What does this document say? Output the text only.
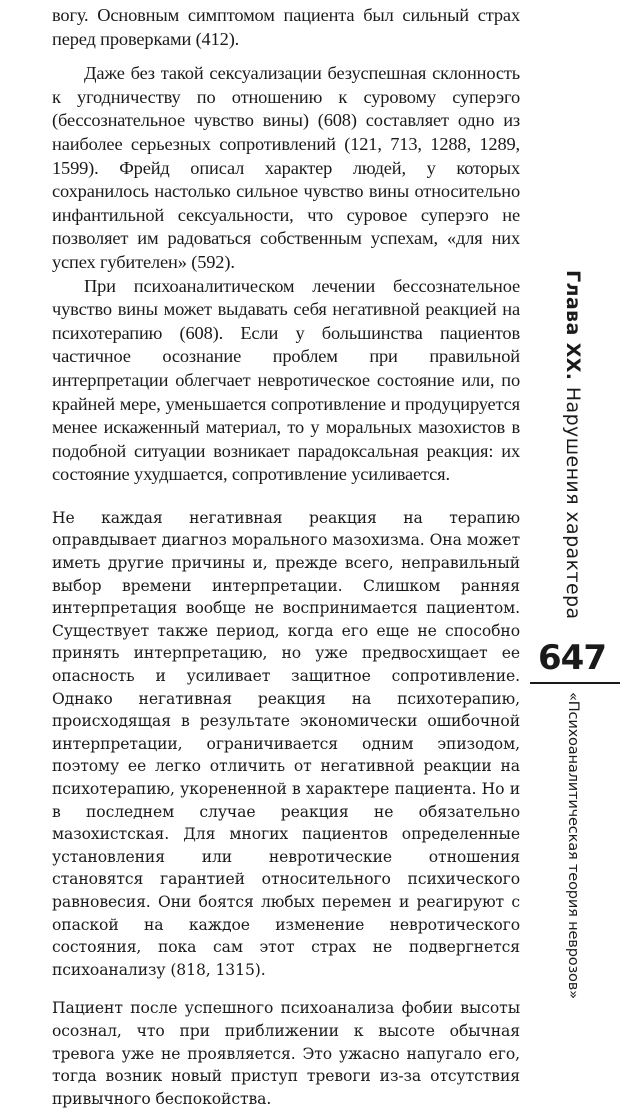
вогу. Основным симптомом пациента был сильный страх перед проверками (412).

Даже без такой сексуализации безуспешная склонность к угодничеству по отношению к суровому суперэго (бессознательное чувство вины) (608) составляет одно из наиболее серьезных сопротивлений (121, 713, 1288, 1289, 1599). Фрейд описал характер людей, у которых сохранилось настолько сильное чувство вины относительно инфантильной сексуальности, что суровое суперэго не позволяет им радоваться собственным успехам, «для них успех губителен» (592).

При психоаналитическом лечении бессознательное чувство вины может выдавать себя негативной реакцией на психотерапию (608). Если у большинства пациентов частичное осознание проблем при правильной интерпретации облегчает невротическое состояние или, по крайней мере, уменьшается сопротивление и продуцируется менее искаженный материал, то у моральных мазохистов в подобной ситуации возникает парадоксальная реакция: их состояние ухудшается, сопротивление усиливается.

Не каждая негативная реакция на терапию оправдывает диагноз морального мазохизма. Она может иметь другие причины и, прежде всего, неправильный выбор времени интерпретации. Слишком ранняя интерпретация вообще не воспринимается пациентом. Существует также период, когда его еще не способно принять интерпретацию, но уже предвосхищает ее опасность и усиливает защитное сопротивление. Однако негативная реакция на психотерапию, происходящая в результате экономически ошибочной интерпретации, ограничивается одним эпизодом, поэтому ее легко отличить от негативной реакции на психотерапию, укорененной в характере пациента. Но и в последнем случае реакция не обязательно мазохистская. Для многих пациентов определенные установления или невротические отношения становятся гарантией относительного психического равновесия. Они боятся любых перемен и реагируют с опаской на каждое изменение невротического состояния, пока сам этот страх не подвергнется психоанализу (818, 1315).

Пациент после успешного психоанализа фобии высоты осознал, что при приближении к высоте обычная тревога уже не проявляется. Это ужасно напугало его, тогда возник новый приступ тревоги из-за отсутствия привычного беспокойства.

Глава XX. Нарушения характера
647
«Психоаналитическая теория неврозов»
